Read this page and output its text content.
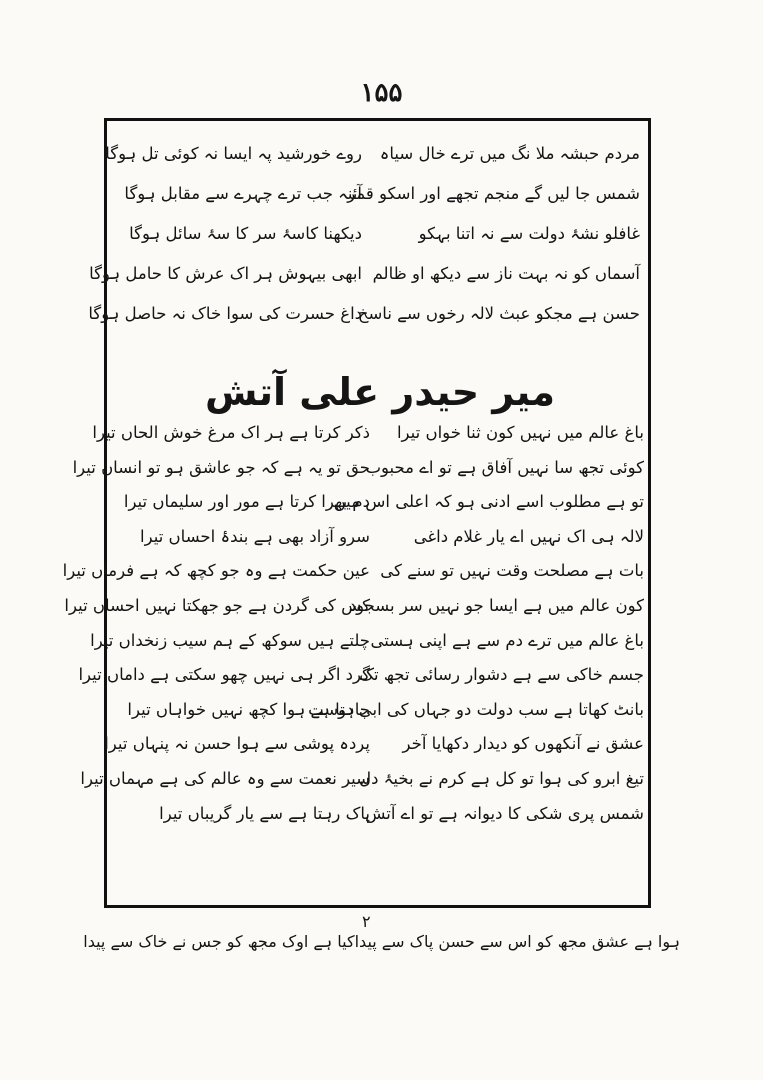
۱۵۵
مردم حبشہ ملا نگ میں ترے خال سیاہ
شمس جا لیں گے منجم تجھے اور اسکو قمر
غافلو نشۂ دولت سے نہ اتنا بہکو
آسماں کو نہ بہت ناز سے دیکھ او ظالم
حسن ہے مجکو عبث لالہ رخوں سے ناسخ
روے خورشید پہ ایسا نہ کوئی تل ہوگا
آئنہ جب ترے چہرے سے مقابل ہوگا
دیکھنا کاسۂ سر کا سۂ سائل ہوگا
ابھی بیہوش ہر اک عرش کا حامل ہوگا
داغ حسرت کی سوا خاک نہ حاصل ہوگا
میر حیدر علی آتش
باغ عالم میں نہیں کون ثنا خواں تیرا
کوئی تجھ سا نہیں آفاق ہے تو اے محبوب
تو ہے مطلوب اسے ادنی ہو کہ اعلی اس میں
لالہ ہی اک نہیں اے یار غلام داغی
بات ہے مصلحت وقت نہیں تو سنے کی
کون عالم میں ہے ایسا جو نہیں سر بسجود
باغ عالم میں ترے دم سے ہے اپنی ہستی
جسم خاکی سے ہے دشوار رسائی تجھ تک
بانٹ کھاتا ہے سب دولت دو جہاں کی ابی دوست
عشق نے آنکھوں کو دیدار دکھایا آخر
تیغ ابرو کی ہوا تو کل ہے کرم نے بخیۂ دل
شمس پری شکی کا دیوانہ ہے تو اے آتش
ذکر کرتا ہے ہر اک مرغ خوش الحاں تیرا
حق تو یہ ہے کہ جو عاشق ہو تو انساں تیرا
دم بھرا کرتا ہے مور اور سلیماں تیرا
سرو آزاد بھی ہے بندۂ احساں تیرا
عین حکمت ہے وہ جو کچھ کہ ہے فرماں تیرا
کس کی گردن ہے جو جھکتا نہیں احساں تیرا
چلتے ہیں سوکھ کے ہم سیب زنخداں تیرا
گرد اگر ہی نہیں چھو سکتی ہے داماں تیرا
چاہتا ہے ہوا کچھ نہیں خواہاں تیرا
پردہ پوشی سے ہوا حسن نہ پنہاں تیرا
سیر نعمت سے وہ عالم کی ہے مہماں تیرا
پاک رہتا ہے سے یار گریباں تیرا
۲
ہوا ہے عشق مجھ کو اس سے حسن پاک سے پیدا
کیا ہے اوک مجھ کو جس نے خاک سے پیدا
